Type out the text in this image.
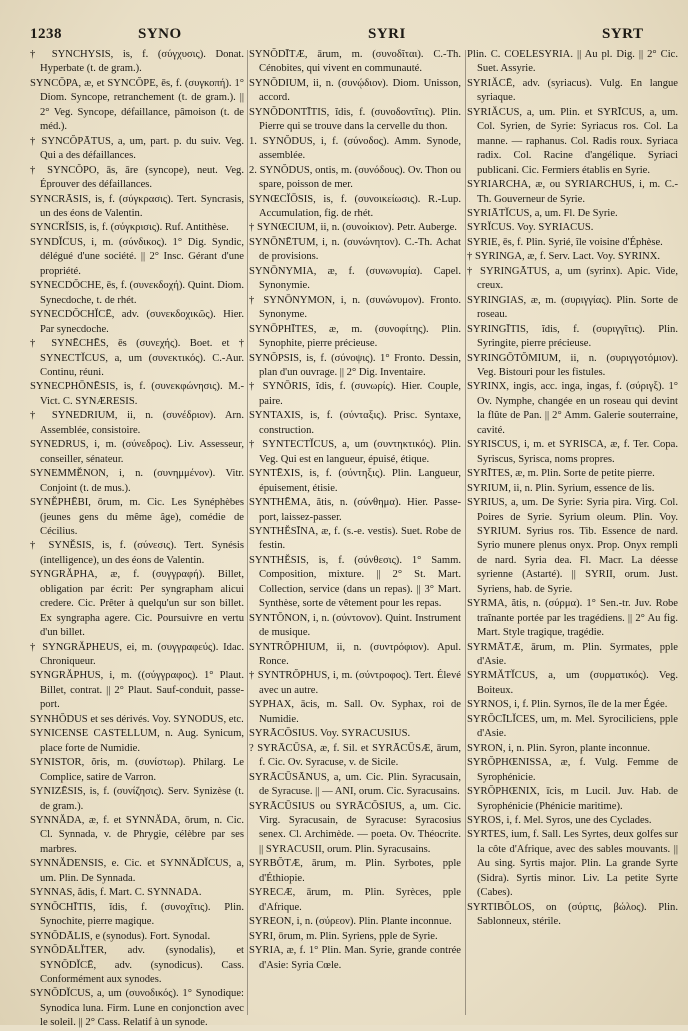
1238	SYNO	SYRI	SYRT

† SYNCHYSIS, is, f. (σύγχυσις). Donat. Hyperbate (t. de gram.).

SYNCŎPA, æ, et SYNCŎPE, ēs, f. (συγκοπή). 1° Diom. Syncope, retranchement (t. de gram.). || 2° Veg. Syncope, défaillance, pâmoison (t. de méd.).

† SYNCŎPĀTUS, a, um, part. p. du suiv. Veg. Qui a des défaillances.

† SYNCŎPO, ās, āre (syncope), neut. Veg. Éprouver des défaillances.

SYNCRĀSIS, is, f. (σύγκρασις). Tert. Syncrasis, un des éons de Valentin.

SYNCRĬSIS, is, f. (σύγκρισις). Ruf. Antithèse.

SYNDĬCUS, i, m. (σύνδικος). 1° Dig. Syndic, délégué d'une société. || 2° Insc. Gérant d'une propriété.

SYNECDŎCHE, ēs, f. (συνεκδοχή). Quint. Diom. Synecdoche, t. de rhét.

SYNECDŎCHĬCĒ, adv. (συνεκδοχικῶς). Hier. Par synecdoche.

† SYNĒCHĒS, ēs (συνεχής). Boet. et † SYNECTĬCUS, a, um (συνεκτικός). C.-Aur. Continu, réuni.

SYNECPHŌNĒSIS, is, f. (συνεκφώνησις). M.-Vict. C. SYNÆRESIS.

† SYNEDRIUM, ii, n. (συνέδριον). Arn. Assemblée, consistoire.

SYNEDRUS, i, m. (σύνεδρος). Liv. Assesseur, conseiller, sénateur.

SYNEMMĔNON, i, n. (συνημμένον). Vitr. Conjoint (t. de mus.).

SYNĔPHĒBI, ōrum, m. Cic. Les Synéphèbes (jeunes gens du même âge), comédie de Cécilius.

† SYNĔSIS, is, f. (σύνεσις). Tert. Synésis (intelligence), un des éons de Valentin.

SYNGRĂPHA, æ, f. (συγγραφή). Billet, obligation par écrit: Per syngrapham alicui credere. Cic. Prêter à quelqu'un sur son billet. Ex syngrapha agere. Cic. Poursuivre en vertu d'un billet.

† SYNGRĂPHEUS, ei, m. (συγγραφεύς). Idac. Chroniqueur.

SYNGRĂPHUS, i, m. ((σύγγραφος). 1° Plaut. Billet, contrat. || 2° Plaut. Sauf-conduit, passe-port.

SYNHŎDUS et ses dérivés. Voy. SYNODUS, etc.

SYNICENSE CASTELLUM, n. Aug. Synicum, place forte de Numidie.

SYNISTOR, ŏris, m. (συνίστωρ). Philarg. Le Complice, satire de Varron.

SYNIZĒSIS, is, f. (συνίζησις). Serv. Synizèse (t. de gram.).

SYNNĂDA, æ, f. et SYNNĂDA, ōrum, n. Cic. Cl. Synnada, v. de Phrygie, célèbre par ses marbres.

SYNNĂDENSIS, e. Cic. et SYNNĂDĬCUS, a, um. Plin. De Synnada.

SYNNAS, ădis, f. Mart. C. SYNNADA.

SYNŎCHĪTIS, ĭdis, f. (συνοχῖτις). Plin. Synochite, pierre magique.

SYNŎDĀLIS, e (synodus). Fort. Synodal.

SYNŎDĀLĬTER, adv. (synodalis), et SYNŎDĬCĒ, adv. (synodicus). Cass. Conformément aux synodes.

SYNŎDĬCUS, a, um (συνοδικός). 1° Synodique: Synodica luna. Firm. Lune en conjonction avec le soleil. || 2° Cass. Relatif à un synode.

SYNŎDĪTÆ, ārum, m. (συνοδῖται). C.-Th. Cénobites, qui vivent en communauté.

SYNŎDIUM, ii, n. (συνῴδιον). Diom. Unisson, accord.

SYNŎDONTĪTIS, ĭdis, f. (συνοδοντῖτις). Plin. Pierre qui se trouve dans la cervelle du thon.

1. SYNŎDUS, i, f. (σύνοδος). Amm. Synode, assemblée.

2. SYNŎDUS, ontis, m. (συνόδους). Ov. Thon ou spare, poisson de mer.

SYNŒCĬŌSIS, is, f. (συνοικείωσις). R.-Lup. Accumulation, fig. de rhét.

† SYNŒCIUM, ii, n. (συνοίκιον). Petr. Auberge.

SYNŌNĒTUM, i, n. (συνώνητον). C.-Th. Achat de provisions.

SYNŌNYMIA, æ, f. (συνωνυμία). Capel. Synonymie.

† SYNŌNYMON, i, n. (συνώνυμον). Fronto. Synonyme.

SYNŌPHĪTES, æ, m. (συνοφίτης). Plin. Synophite, pierre précieuse.

SYNŎPSIS, is, f. (σύνοψις). 1° Fronto. Dessin, plan d'un ouvrage. || 2° Dig. Inventaire.

† SYNŌRIS, ĭdis, f. (συνωρίς). Hier. Couple, paire.

SYNTAXIS, is, f. (σύνταξις). Prisc. Syntaxe, construction.

† SYNTECTĬCUS, a, um (συντηκτικός). Plin. Veg. Qui est en langueur, épuisé, étique.

SYNTĒXIS, is, f. (σύντηξις). Plin. Langueur, épuisement, étisie.

SYNTHĒMA, ătis, n. (σύνθημα). Hier. Passe-port, laissez-passer.

SYNTHĔSĪNA, æ, f. (s.-e. vestis). Suet. Robe de festin.

SYNTHĔSIS, is, f. (σύνθεσις). 1° Samm. Composition, mixture. || 2° St. Mart. Collection, service (dans un repas). || 3° Mart. Synthèse, sorte de vêtement pour les repas.

SYNTŎNON, i, n. (σύντονον). Quint. Instrument de musique.

SYNTRŎPHIUM, ii, n. (συντρόφιον). Apul. Ronce.

† SYNTRŎPHUS, i, m. (σύντροφος). Tert. Élevé avec un autre.

SYPHAX, ācis, m. Sall. Ov. Syphax, roi de Numidie.

SYRĀCŎSIUS. Voy. SYRACUSIUS.

? SYRĀCŪSA, æ, f. Sil. et SYRĀCŪSÆ, ārum, f. Cic. Ov. Syracuse, v. de Sicile.

SYRĀCŪSĀNUS, a, um. Cic. Plin. Syracusain, de Syracuse. || — ANI, orum. Cic. Syracusains.

SYRĀCŪSIUS ou SYRĀCŎSIUS, a, um. Cic. Virg. Syracusain, de Syracuse: Syracosius senex. Cl. Archimède. — poeta. Ov. Théocrite. || SYRACUSII, orum. Plin. Syracusains.

SYRBŎTÆ, ārum, m. Plin. Syrbotes, pple d'Éthiopie.

SYRECÆ, ārum, m. Plin. Syrèces, pple d'Afrique.

SYREON, i, n. (σύρεον). Plin. Plante inconnue.

SYRI, ōrum, m. Plin. Syriens, pple de Syrie.

SYRIA, æ, f. 1° Plin. Man. Syrie, grande contrée d'Asie: Syria Cœle.

Plin. C. COELESYRIA. || Au pl. Dig. || 2° Cic. Suet. Assyrie.

SYRIĂCĒ, adv. (syriacus). Vulg. En langue syriaque.

SYRIĂCUS, a, um. Plin. et SYRĪCUS, a, um. Col. Syrien, de Syrie: Syriacus ros. Col. La manne. — raphanus. Col. Radis roux. Syriaca radix. Col. Racine d'angélique. Syriaci publicani. Cic. Fermiers établis en Syrie.

SYRIARCHA, æ, ou SYRIARCHUS, i, m. C.-Th. Gouverneur de Syrie.

SYRIĀTĬCUS, a, um. Fl. De Syrie.

SYRĬCUS. Voy. SYRIACUS.

SYRIE, ēs, f. Plin. Syrié, île voisine d'Éphèse.

† SYRINGA, æ, f. Serv. Lact. Voy. SYRINX.

† SYRINGĀTUS, a, um (syrinx). Apic. Vide, creux.

SYRINGIAS, æ, m. (συριγγίας). Plin. Sorte de roseau.

SYRINGĪTIS, ĭdis, f. (συριγγῖτις). Plin. Syringite, pierre précieuse.

SYRINGŎTŎMIUM, ii, n. (συριγγοτόμιον). Veg. Bistouri pour les fistules.

SYRINX, ingis, acc. inga, ingas, f. (σύριγξ). 1° Ov. Nymphe, changée en un roseau qui devint la flûte de Pan. || 2° Amm. Galerie souterraine, cavité.

SYRISCUS, i, m. et SYRISCA, æ, f. Ter. Copa. Syriscus, Syrisca, noms propres.

SYRĪTES, æ, m. Plin. Sorte de petite pierre.

SYRIUM, ii, n. Plin. Syrium, essence de lis.

SYRIUS, a, um. De Syrie: Syria pira. Virg. Col. Poires de Syrie. Syrium oleum. Plin. Voy. SYRIUM. Syrius ros. Tib. Essence de nard. Syrio munere plenus onyx. Prop. Onyx rempli de nard. Syria dea. Fl. Macr. La déesse syrienne (Astarté). || SYRII, orum. Just. Syriens, hab. de Syrie.

SYRMA, ătis, n. (σύρμα). 1° Sen.-tr. Juv. Robe traînante portée par les tragédiens. || 2° Au fig. Mart. Style tragique, tragédie.

SYRMĀTÆ, ārum, m. Plin. Syrmates, pple d'Asie.

SYRMĂTĬCUS, a, um (συρματικός). Veg. Boiteux.

SYRNOS, i, f. Plin. Syrnos, île de la mer Égée.

SYRŎCĪLĬCES, um, m. Mel. Syrociliciens, pple d'Asie.

SYRON, i, n. Plin. Syron, plante inconnue.

SYRŎPHŒNISSA, æ, f. Vulg. Femme de Syrophénicie.

SYRŎPHŒNIX, īcis, m Lucil. Juv. Hab. de Syrophénicie (Phénicie maritime).

SYROS, i, f. Mel. Syros, une des Cyclades.

SYRTES, ium, f. Sall. Les Syrtes, deux golfes sur la côte d'Afrique, avec des sables mouvants. || Au sing. Syrtis major. Plin. La grande Syrte (Sidra). Syrtis minor. Liv. La petite Syrte (Cabes).

SYRTIBŎLOS, on (σύρτις, βώλος). Plin. Sablonneux, stérile.
